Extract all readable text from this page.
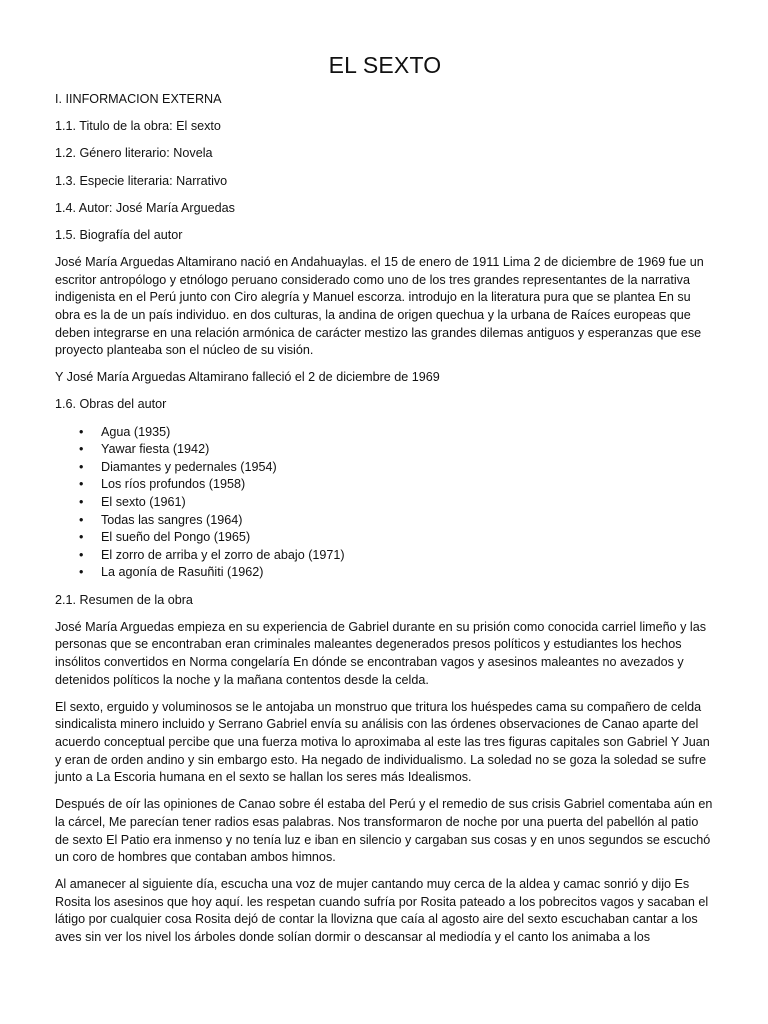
EL SEXTO

I. IINFORMACION EXTERNA

1.1. Titulo de la obra: El sexto

1.2. Género literario: Novela

1.3. Especie literaria: Narrativo

1.4. Autor: José María Arguedas

1.5. Biografía del autor

José María Arguedas Altamirano nació en Andahuaylas. el 15 de enero de 1911 Lima 2 de diciembre de 1969 fue un escritor antropólogo y etnólogo peruano considerado como uno de los tres grandes representantes de la narrativa indigenista en el Perú junto con Ciro alegría y Manuel escorza. introdujo en la literatura pura que se plantea En su obra es la de un país individuo. en dos culturas, la andina de origen quechua y la urbana de Raíces europeas que deben integrarse en una relación armónica de carácter mestizo las grandes dilemas antiguos y esperanzas que ese proyecto planteaba son el núcleo de su visión.

Y José María Arguedas Altamirano falleció el 2 de diciembre de 1969

1.6. Obras del autor

• Agua (1935)
• Yawar fiesta (1942)
• Diamantes y pedernales (1954)
• Los ríos profundos (1958)
• El sexto (1961)
• Todas las sangres (1964)
• El sueño del Pongo (1965)
• El zorro de arriba y el zorro de abajo (1971)
• La agonía de Rasuñiti (1962)

2.1. Resumen de la obra

José María Arguedas empieza en su experiencia de Gabriel durante en su prisión como conocida carriel limeño y las personas que se encontraban eran criminales maleantes degenerados presos políticos y estudiantes los hechos insólitos convertidos en Norma congelaría En dónde se encontraban vagos y asesinos maleantes no avezados y detenidos políticos la noche y la mañana contentos desde la celda.

El sexto, erguido y voluminosos se le antojaba un monstruo que tritura los huéspedes cama su compañero de celda sindicalista minero incluido y Serrano Gabriel envía su análisis con las órdenes observaciones de Canao aparte del acuerdo conceptual percibe que una fuerza motiva lo aproximaba al este las tres figuras capitales son Gabriel Y Juan y eran de orden andino y sin embargo esto. Ha negado de individualismo. La soledad no se goza la soledad se sufre junto a La Escoria humana en el sexto se hallan los seres más Idealismos.

Después de oír las opiniones de Canao sobre él estaba del Perú y el remedio de sus crisis Gabriel comentaba aún en la cárcel, Me parecían tener radios esas palabras. Nos transformaron de noche por una puerta del pabellón al patio de sexto El Patio era inmenso y no tenía luz e iban en silencio y cargaban sus cosas y en unos segundos se escuchó un coro de hombres que contaban ambos himnos.

Al amanecer al siguiente día, escucha una voz de mujer cantando muy cerca de la aldea y camac sonrió y dijo Es Rosita los asesinos que hoy aquí. les respetan cuando sufría por Rosita pateado a los pobrecitos vagos y sacaban el látigo por cualquier cosa Rosita dejó de contar la llovizna que caía al agosto aire del sexto escuchaban cantar a los aves sin ver los nivel los árboles donde solían dormir o descansar al mediodía y el canto los animaba a los
